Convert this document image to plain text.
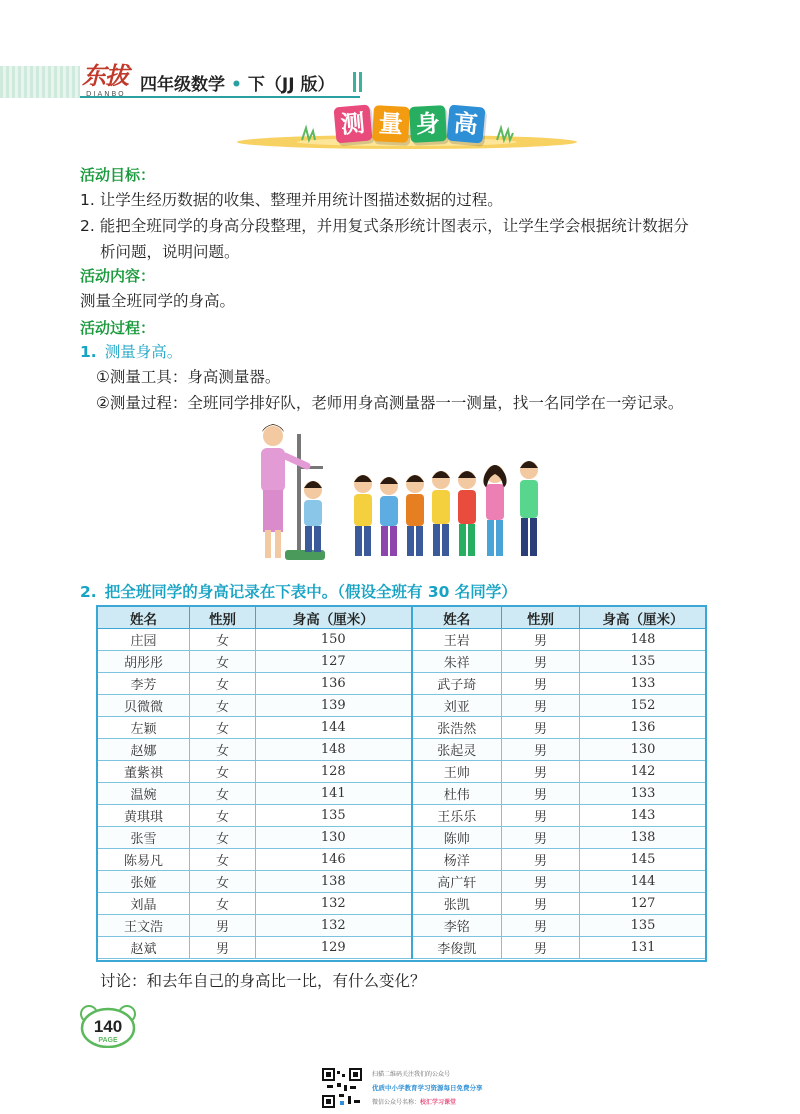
东拔
DIANBO 四年级数学 • 下（JJ 版）
测 量 身 高
活动目标：
1. 让学生经历数据的收集、整理并用统计图描述数据的过程。
2. 能把全班同学的身高分段整理，并用复式条形统计图表示，让学生学会根据统计数据分
析问题，说明问题。
活动内容：
测量全班同学的身高。
活动过程：
1. 测量身高。
①测量工具：身高测量器。
②测量过程：全班同学排好队，老师用身高测量器一一测量，找一名同学在一旁记录。
2. 把全班同学的身高记录在下表中。（假设全班有 30 名同学）
姓名	性别	身高（厘米）	姓名	性别	身高（厘米）
庄园	女	150	王岩	男	148
胡彤彤	女	127	朱祥	男	135
李芳	女	136	武子琦	男	133
贝微微	女	139	刘亚	男	152
左颖	女	144	张浩然	男	136
赵娜	女	148	张起灵	男	130
董紫祺	女	128	王帅	男	142
温婉	女	141	杜伟	男	133
黄琪琪	女	135	王乐乐	男	143
张雪	女	130	陈帅	男	138
陈易凡	女	146	杨洋	男	145
张娅	女	138	高广轩	男	144
刘晶	女	132	张凯	男	127
王文浩	男	132	李铭	男	135
赵斌	男	129	李俊凯	男	131
讨论：和去年自己的身高比一比，有什么变化？
140
PAGE
扫描二维码关注我们的公众号
优质中小学教育学习资源每日免费分享
微信公众号名称：校汇学习课堂
